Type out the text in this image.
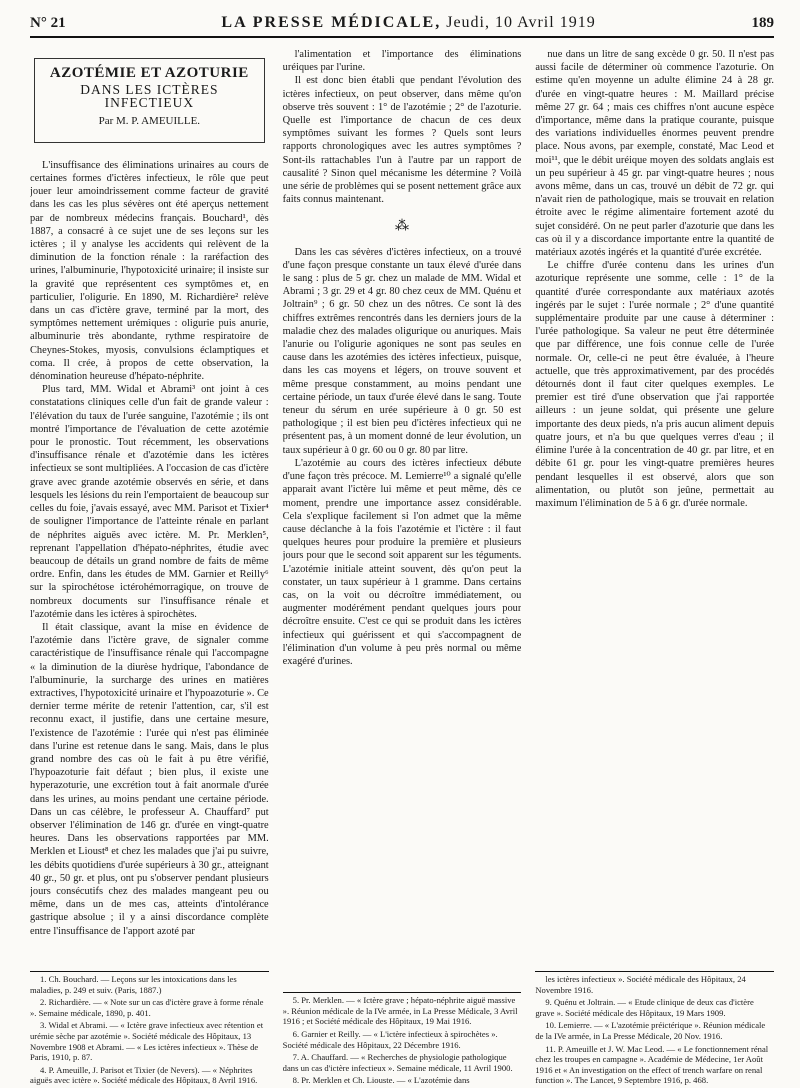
N° 21	LA PRESSE MÉDICALE, Jeudi, 10 Avril 1919	189
AZOTÉMIE ET AZOTURIE
DANS LES ICTÈRES INFECTIEUX
Par M. P. AMEUILLE.

L'insuffisance des éliminations urinaires au cours de certaines formes d'ictères infectieux, le rôle que peut jouer leur amoindrissement comme facteur de gravité dans les cas les plus sévères ont été aperçus nettement par de nombreux médecins français. Bouchard¹, dès 1887, a consacré à ce sujet une de ses leçons sur les ictères ; il y analyse les accidents qui relèvent de la diminution de la fonction rénale : la raréfaction des urines, l'albuminurie, l'hypotoxicité urinaire; il insiste sur la gravité que représentent ces symptômes et, en particulier, l'oligurie. En 1890, M. Richardière² relève dans un cas d'ictère grave, terminé par la mort, des symptômes nettement urémiques : oligurie puis anurie, albuminurie très abondante, rythme respiratoire de Cheynes-Stokes, myosis, convulsions éclamptiques et coma. Il crée, à propos de cette observation, la dénomination heureuse d'hépato-néphrite.

Plus tard, MM. Widal et Abrami³ ont joint à ces constatations cliniques celle d'un fait de grande valeur : l'élévation du taux de l'urée sanguine, l'azotémie ; ils ont montré l'importance de l'évaluation de cette azotémie pour le pronostic. Tout récemment, les observations d'insuffisance rénale et d'azotémie dans les ictères infectieux se sont multipliées. A l'occasion de cas d'ictère grave avec grande azotémie observés en série, et dans lesquels les lésions du rein l'emportaient de beaucoup sur celles du foie, j'avais essayé, avec MM. Parisot et Tixier⁴ de souligner l'importance de l'atteinte rénale en parlant de néphrites aiguës avec ictère. M. Pr. Merklen⁵, reprenant l'appellation d'hépato-néphrites, étudie avec beaucoup de détails un grand nombre de faits de même ordre. Enfin, dans les études de MM. Garnier et Reilly⁶ sur la spirochétose ictérohémorragique, on trouve de nombreux documents sur l'insuffisance rénale et l'azotémie dans les ictères à spirochètes.

Il était classique, avant la mise en évidence de l'azotémie dans l'ictère grave, de signaler comme caractéristique de l'insuffisance rénale qui l'accompagne « la diminution de la diurèse hydrique, l'abondance de l'albuminurie, la surcharge des urines en matières extractives, l'hypotoxicité urinaire et l'hypoazoturie ». Ce dernier terme mérite de retenir l'attention, car, s'il est reconnu exact, il justifie, dans une certaine mesure, l'existence de l'azotémie : l'urée qui n'est pas éliminée dans l'urine est retenue dans le sang. Mais, dans le plus grand nombre des cas où le fait à pu être vérifié, l'hypoazoturie fait défaut ; bien plus, il existe une hyperazoturie, une excrétion tout à fait anormale d'urée dans les urines, au moins pendant une certaine période. Dans un cas célèbre, le professeur A. Chauffard⁷ put observer l'élimination de 146 gr. d'urée en vingt-quatre heures. Dans les observations rapportées par MM. Merklen et Lioust⁸ et chez les malades que j'ai pu suivre, les débits quotidiens d'urée supérieurs à 30 gr., atteignant 40 gr., 50 gr. et plus, ont pu s'observer pendant plusieurs jours consécutifs chez des malades mangeant peu ou même, dans un de mes cas, atteints d'intolérance gastrique absolue ; il y a ainsi discordance complète entre l'insuffisance de l'apport azoté par

1. Ch. Bouchard. — Leçons sur les intoxications dans les maladies, p. 249 et suiv. (Paris, 1887.)
2. Richardière. — « Note sur un cas d'ictère grave à forme rénale ». Semaine médicale, 1890, p. 401.
3. Widal et Abrami. — « Ictère grave infectieux avec rétention et urémie sèche par azotémie ». Société médicale des Hôpitaux, 13 Novembre 1908 et Abrami. — « Les ictères infectieux ». Thèse de Paris, 1910, p. 87.
4. P. Ameuille, J. Parisot et Tixier (de Nevers). — « Néphrites aiguës avec ictère ». Société médicale des Hôpitaux, 8 Avril 1916.

l'alimentation et l'importance des éliminations uréiques par l'urine.

Il est donc bien établi que pendant l'évolution des ictères infectieux, on peut observer, dans même qu'on observe très souvent : 1° de l'azotémie ; 2° de l'azoturie. Quelle est l'importance de chacun de ces deux symptômes suivant les formes ? Quels sont leurs rapports chronologiques avec les autres symptômes ? Sont-ils rattachables l'un à l'autre par un rapport de causalité ? Sinon quel mécanisme les détermine ? Voilà une série de problèmes qui se posent nettement grâce aux faits connus maintenant.

⁂

Dans les cas sévères d'ictères infectieux, on a trouvé d'une façon presque constante un taux élevé d'urée dans le sang : plus de 5 gr. chez un malade de MM. Widal et Abrami ; 3 gr. 29 et 4 gr. 80 chez ceux de MM. Quénu et Joltrain⁹ ; 6 gr. 50 chez un des nôtres. Ce sont là des chiffres extrêmes rencontrés dans les derniers jours de la maladie chez des malades oligurique ou anuriques. Mais l'anurie ou l'oligurie agoniques ne sont pas seules en cause dans les azotémies des ictères infectieux, puisque, dans les cas moyens et légers, on trouve souvent et même presque constamment, au moins pendant une certaine période, un taux d'urée élevé dans le sang. Toute teneur du sérum en urée supérieure à 0 gr. 50 est pathologique ; il est bien peu d'ictères infectieux qui ne présentent pas, à un moment donné de leur évolution, un taux supérieur à 0 gr. 60 ou 0 gr. 80 par litre.

L'azotémie au cours des ictères infectieux débute d'une façon très précoce. M. Lemierre¹⁰ a signalé qu'elle apparait avant l'ictère lui même et peut même, dès ce moment, prendre une importance assez considérable. Cela s'explique facilement si l'on admet que la même cause déclanche à la fois l'azotémie et l'ictère : il faut quelques heures pour produire la première et plusieurs jours pour que le second soit apparent sur les téguments. L'azotémie initiale atteint souvent, dès qu'on peut la constater, un taux supérieur à 1 gramme. Dans certains cas, on la voit ou décroître immédiatement, ou augmenter modérément pendant quelques jours pour décroître ensuite. C'est ce qui se produit dans les ictères infectieux qui guérissent et qui s'accompagnent de l'élimination d'un volume à peu près normal ou même exagéré d'urines.

5. Pr. Merklen. — « Ictère grave ; hépato-néphrite aiguë massive ». Réunion médicale de la IVe armée, in La Presse Médicale, 3 Avril 1916 ; et Société médicale des Hôpitaux, 19 Mai 1916.
6. Garnier et Reilly. — « L'ictère infectieux à spirochètes ». Société médicale des Hôpitaux, 22 Décembre 1916.
7. A. Chauffard. — « Recherches de physiologie pathologique dans un cas d'ictère infectieux ». Semaine médicale, 11 Avril 1900.
8. Pr. Merklen et Ch. Liouste. — « L'azotémie dans

nue dans un litre de sang excède 0 gr. 50. Il n'est pas aussi facile de déterminer où commence l'azoturie. On estime qu'en moyenne un adulte élimine 24 à 28 gr. d'urée en vingt-quatre heures : M. Maillard précise même 27 gr. 64 ; mais ces chiffres n'ont aucune espèce d'importance, même dans la pratique courante, puisque des variations individuelles énormes peuvent prendre place. Nous avons, par exemple, constaté, Mac Leod et moi¹¹, que le débit uréique moyen des soldats anglais est un peu supérieur à 45 gr. par vingt-quatre heures ; nous avons même, dans un cas, trouvé un débit de 72 gr. qui n'avait rien de pathologique, mais se trouvait en relation étroite avec le régime alimentaire fortement azoté du sujet considéré. On ne peut parler d'azoturie que dans les cas où il y a discordance importante entre la quantité de matériaux azotés ingérés et la quantité d'urée excrétée.

Le chiffre d'urée contenu dans les urines d'un azoturique représente une somme, celle : 1° de la quantité d'urée correspondante aux matériaux azotés ingérés par le sujet : l'urée normale ; 2° d'une quantité supplémentaire produite par une cause à déterminer : l'urée pathologique. Sa valeur ne peut être déterminée que par différence, une fois connue celle de l'urée normale. Or, celle-ci ne peut être évaluée, à l'heure actuelle, que très approximativement, par des procédés détournés dont il faut citer quelques exemples. Le premier est tiré d'une observation que j'ai rapportée ailleurs : un jeune soldat, qui présente une gelure importante des deux pieds, n'a pris aucun aliment depuis quatre jours, et n'a bu que quelques verres d'eau ; il élimine l'urée à la concentration de 40 gr. par litre, et en débite 61 gr. pour les vingt-quatre premières heures pendant lesquelles il est observé, alors que son alimentation, ou plutôt son jeûne, permettait au maximum l'élimination de 5 à 6 gr. d'urée normale.

les ictères infectieux ». Société médicale des Hôpitaux, 24 Novembre 1916.
9. Quénu et Joltrain. — « Etude clinique de deux cas d'ictère grave ». Société médicale des Hôpitaux, 19 Mars 1909.
10. Lemierre. — « L'azotémie préictérique ». Réunion médicale de la IVe armée, in La Presse Médicale, 20 Nov. 1916.
11. P. Ameuille et J. W. Mac Leod. — « Le fonctionnement rénal chez les troupes en campagne ». Académie de Médecine, 1er Août 1916 et « An investigation on the effect of trench warfare on renal function ». The Lancet, 9 Septembre 1916, p. 468.
